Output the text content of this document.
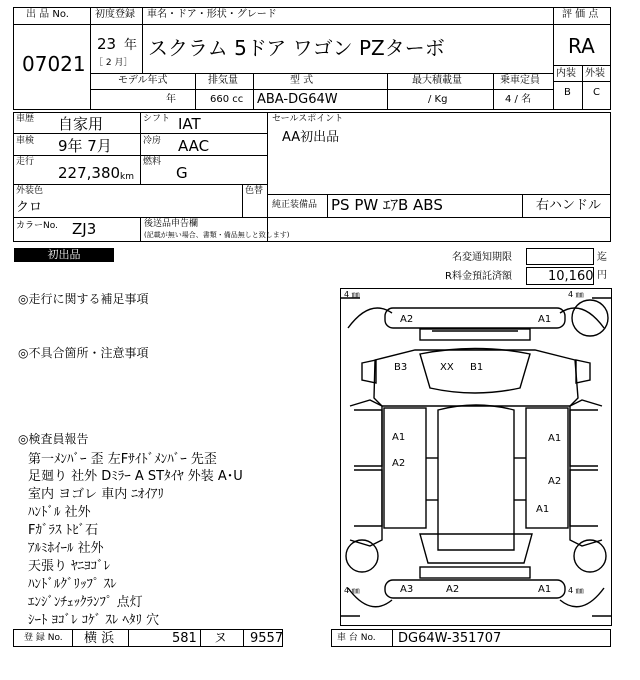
出 品 No.
07021
初度登録
23 年
［ 2 月］
車名・ドア・形状・グレード
スクラム 5ドア ワゴン PZターボ
モデル年式
年
排気量
660 cc
型 式
ABA-DG64W
最大積載量
/ Kg
乗車定員
4 / 名
評 価 点
RA
内装 外装
B C
車歴 自家用	シフト IAT
車検 9年 7月	冷房 AAC
走行
227,380 km
燃料
G
外装色
クロ
色替
カラーNo. ZJ3	後送品申告欄
(記載が無い場合、書類・備品無しと致します)
セールスポイント
AA初出品
純正装備品 PS PW ｴｱB ABS	右ハンドル
初出品	名変通知期限	迄
R料金預託済額	10,160 円
◎走行に関する補足事項
◎不具合箇所・注意事項
◎検査員報告
第一ﾒﾝﾊﾞｰ 歪 左Fｻｲﾄﾞﾒﾝﾊﾞｰ 先歪
足廻り 社外 Dﾐﾗｰ A STﾀｲﾔ 外装 A･U
室内 ヨゴレ 車内 ﾆｵｲｱﾘ
ﾊﾝﾄﾞﾙ 社外
Fｶﾞﾗｽ ﾄﾋﾞ石
ｱﾙﾐﾎｲｰﾙ 社外
天張り ﾔﾆﾖｺﾞﾚ
ﾊﾝﾄﾞﾙｸﾞﾘｯﾌﾟ ｽﾚ
ｴﾝｼﾞﾝﾁｪｯｸﾗﾝﾌﾟ 点灯
ｼｰﾄ ﾖｺﾞﾚ ｺｹﾞ ｽﾚ ﾍﾀﾘ 穴
4 ㎜	4 ㎜
4 ㎜	4 ㎜
A2	A1
B3	XX B1
A1
A2
A1
A2
A1
A3	A2	A1
登 録 No. 横 浜	581 ヌ 9557	車 台 No. DG64W-351707
